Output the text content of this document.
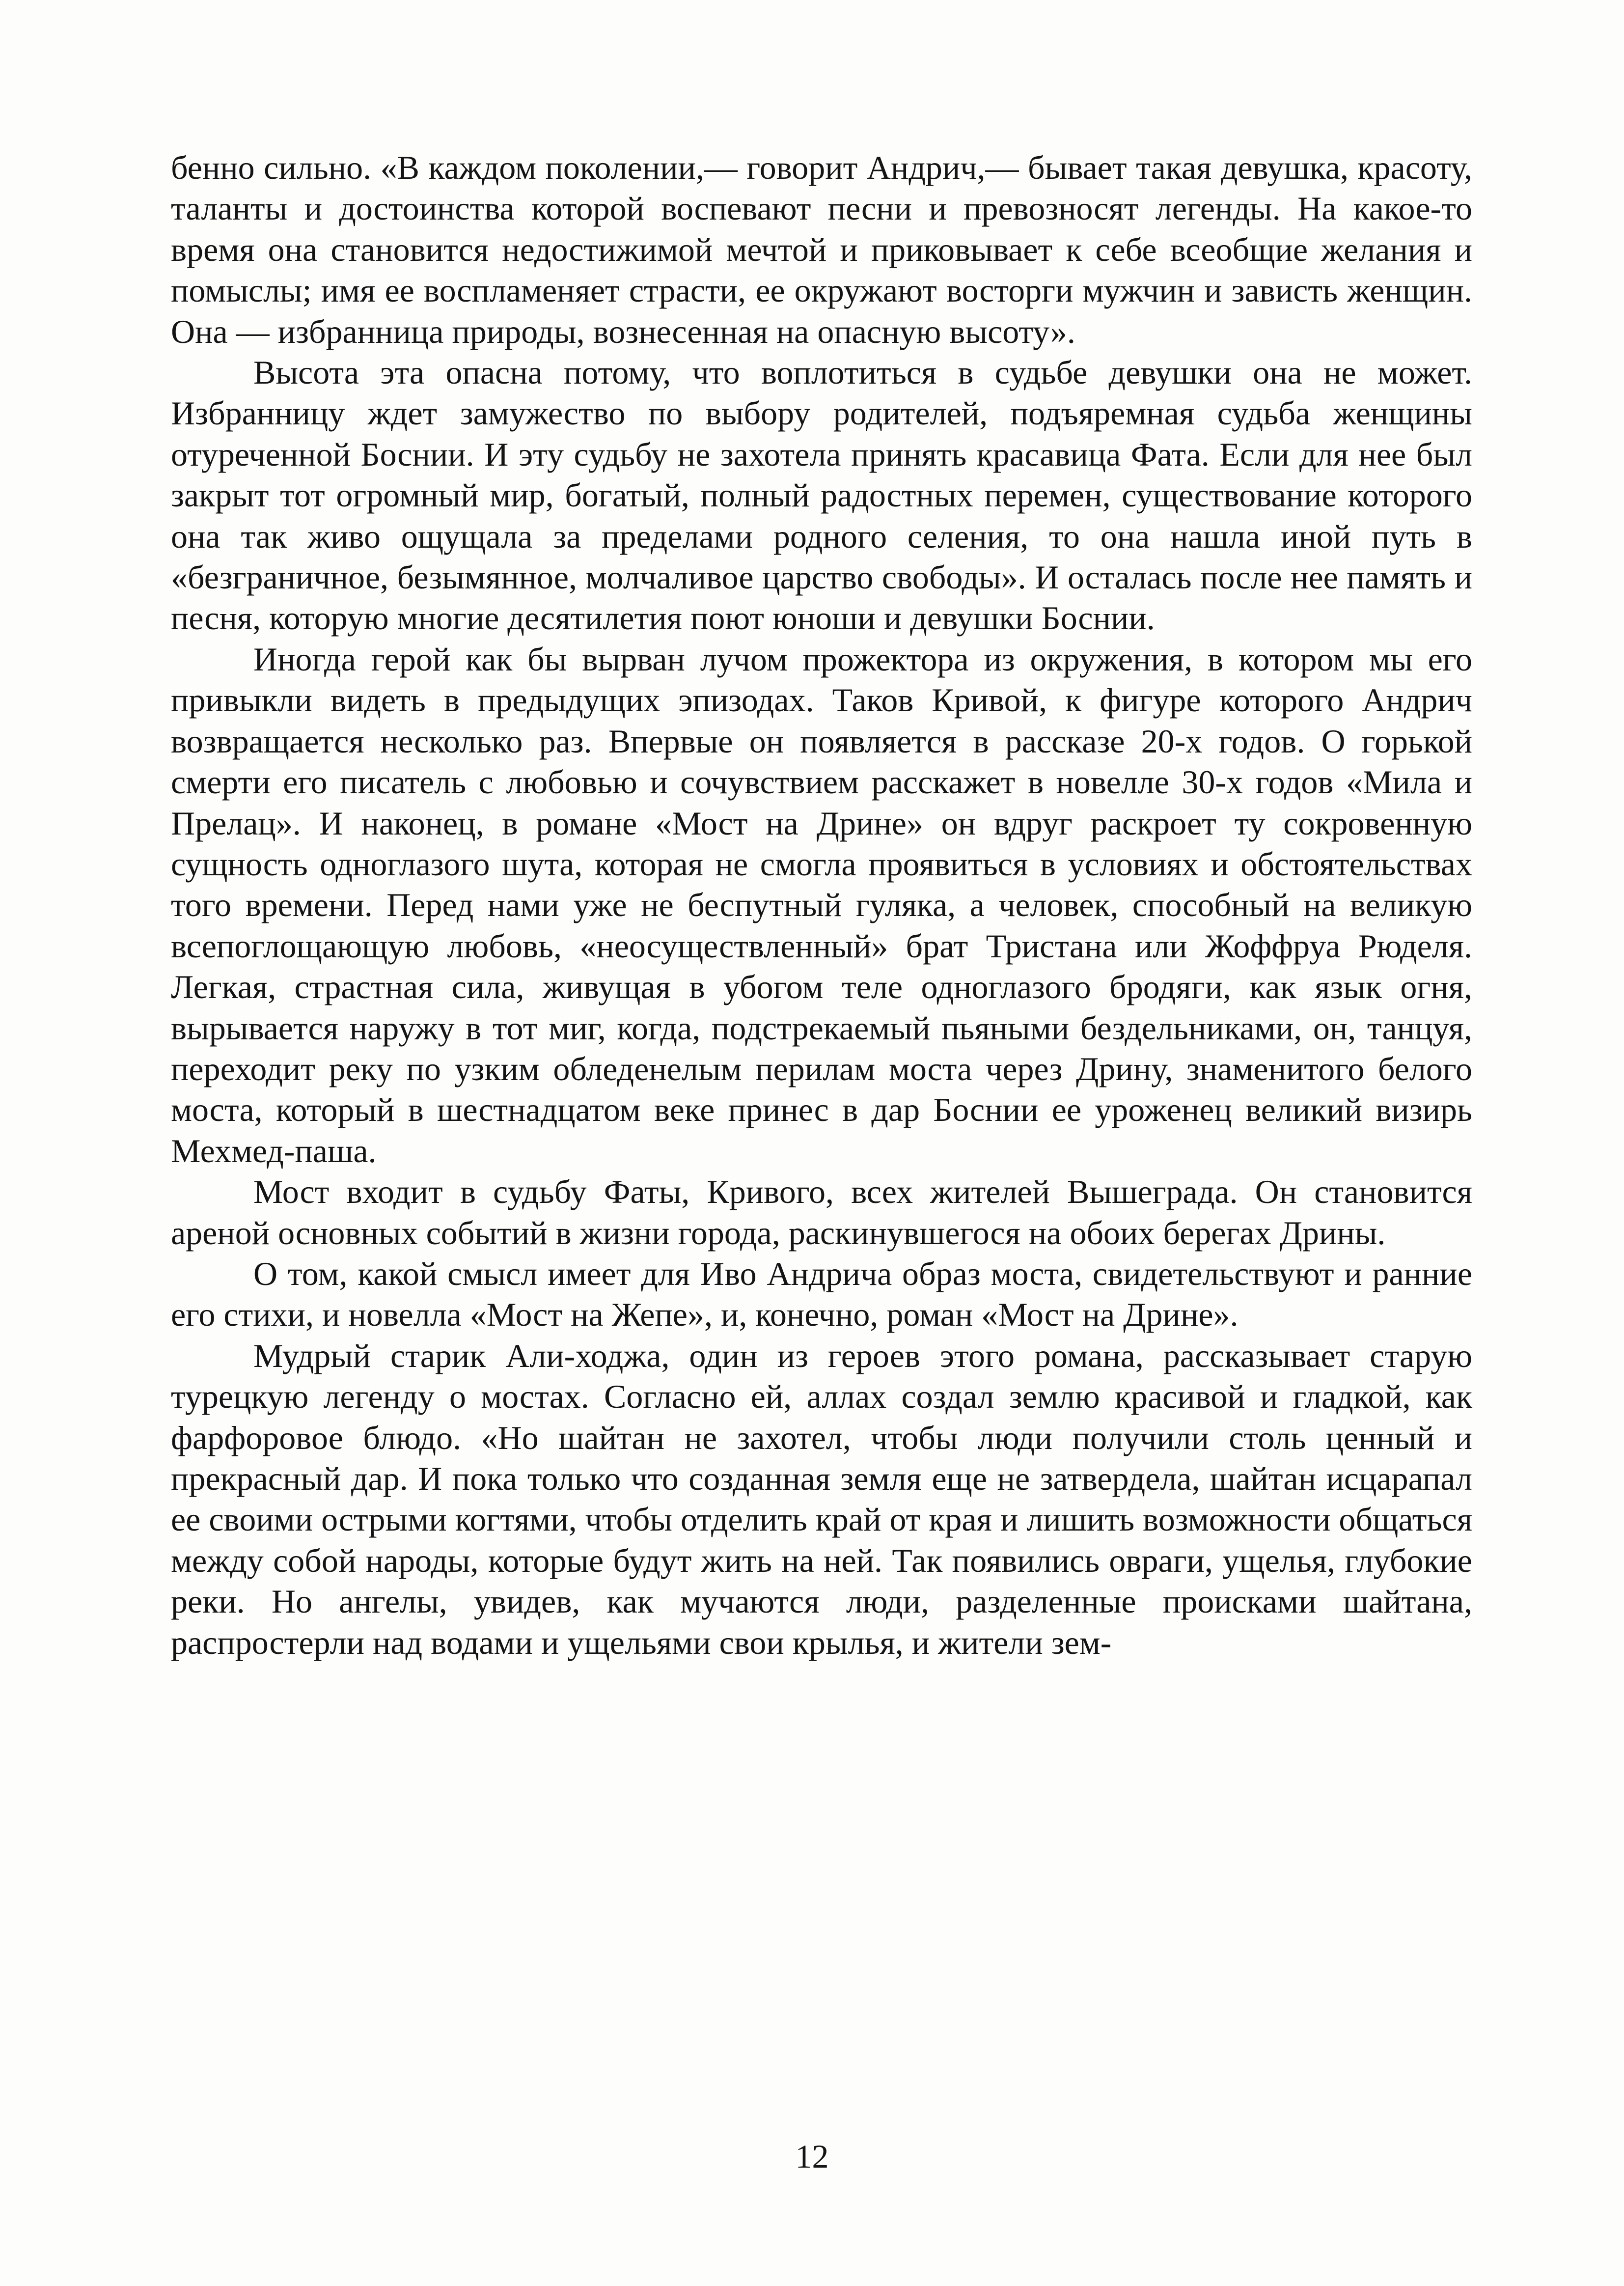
бенно сильно. «В каждом поколении,— говорит Андрич,— бывает такая девушка, красоту, таланты и достоинства которой воспевают песни и превозносят легенды. На какое-то время она становится недостижимой мечтой и приковывает к себе всеобщие желания и помыслы; имя ее воспламеняет страсти, ее окружают восторги мужчин и зависть женщин. Она — избранница природы, вознесенная на опасную высоту».

Высота эта опасна потому, что воплотиться в судьбе девушки она не может. Избранницу ждет замужество по выбору родителей, подъяремная судьба женщины отуреченной Боснии. И эту судьбу не захотела принять красавица Фата. Если для нее был закрыт тот огромный мир, богатый, полный радостных перемен, существование которого она так живо ощущала за пределами родного селения, то она нашла иной путь в «безграничное, безымянное, молчаливое царство свободы». И осталась после нее память и песня, которую многие десятилетия поют юноши и девушки Боснии.

Иногда герой как бы вырван лучом прожектора из окружения, в котором мы его привыкли видеть в предыдущих эпизодах. Таков Кривой, к фигуре которого Андрич возвращается несколько раз. Впервые он появляется в рассказе 20-х годов. О горькой смерти его писатель с любовью и сочувствием расскажет в новелле 30-х годов «Мила и Прелац». И наконец, в романе «Мост на Дрине» он вдруг раскроет ту сокровенную сущность одноглазого шута, которая не смогла проявиться в условиях и обстоятельствах того времени. Перед нами уже не беспутный гуляка, а человек, способный на великую всепоглощающую любовь, «неосуществленный» брат Тристана или Жоффруа Рюделя. Легкая, страстная сила, живущая в убогом теле одноглазого бродяги, как язык огня, вырывается наружу в тот миг, когда, подстрекаемый пьяными бездельниками, он, танцуя, переходит реку по узким обледенелым перилам моста через Дрину, знаменитого белого моста, который в шестнадцатом веке принес в дар Боснии ее уроженец великий визирь Мехмед-паша.

Мост входит в судьбу Фаты, Кривого, всех жителей Вышеграда. Он становится ареной основных событий в жизни города, раскинувшегося на обоих берегах Дрины.

О том, какой смысл имеет для Иво Андрича образ моста, свидетельствуют и ранние его стихи, и новелла «Мост на Жепе», и, конечно, роман «Мост на Дрине».

Мудрый старик Али-ходжа, один из героев этого романа, рассказывает старую турецкую легенду о мостах. Согласно ей, аллах создал землю красивой и гладкой, как фарфоровое блюдо. «Но шайтан не захотел, чтобы люди получили столь ценный и прекрасный дар. И пока только что созданная земля еще не затвердела, шайтан исцарапал ее своими острыми когтями, чтобы отделить край от края и лишить возможности общаться между собой народы, которые будут жить на ней. Так появились овраги, ущелья, глубокие реки. Но ангелы, увидев, как мучаются люди, разделенные происками шайтана, распростерли над водами и ущельями свои крылья, и жители зем-

12
